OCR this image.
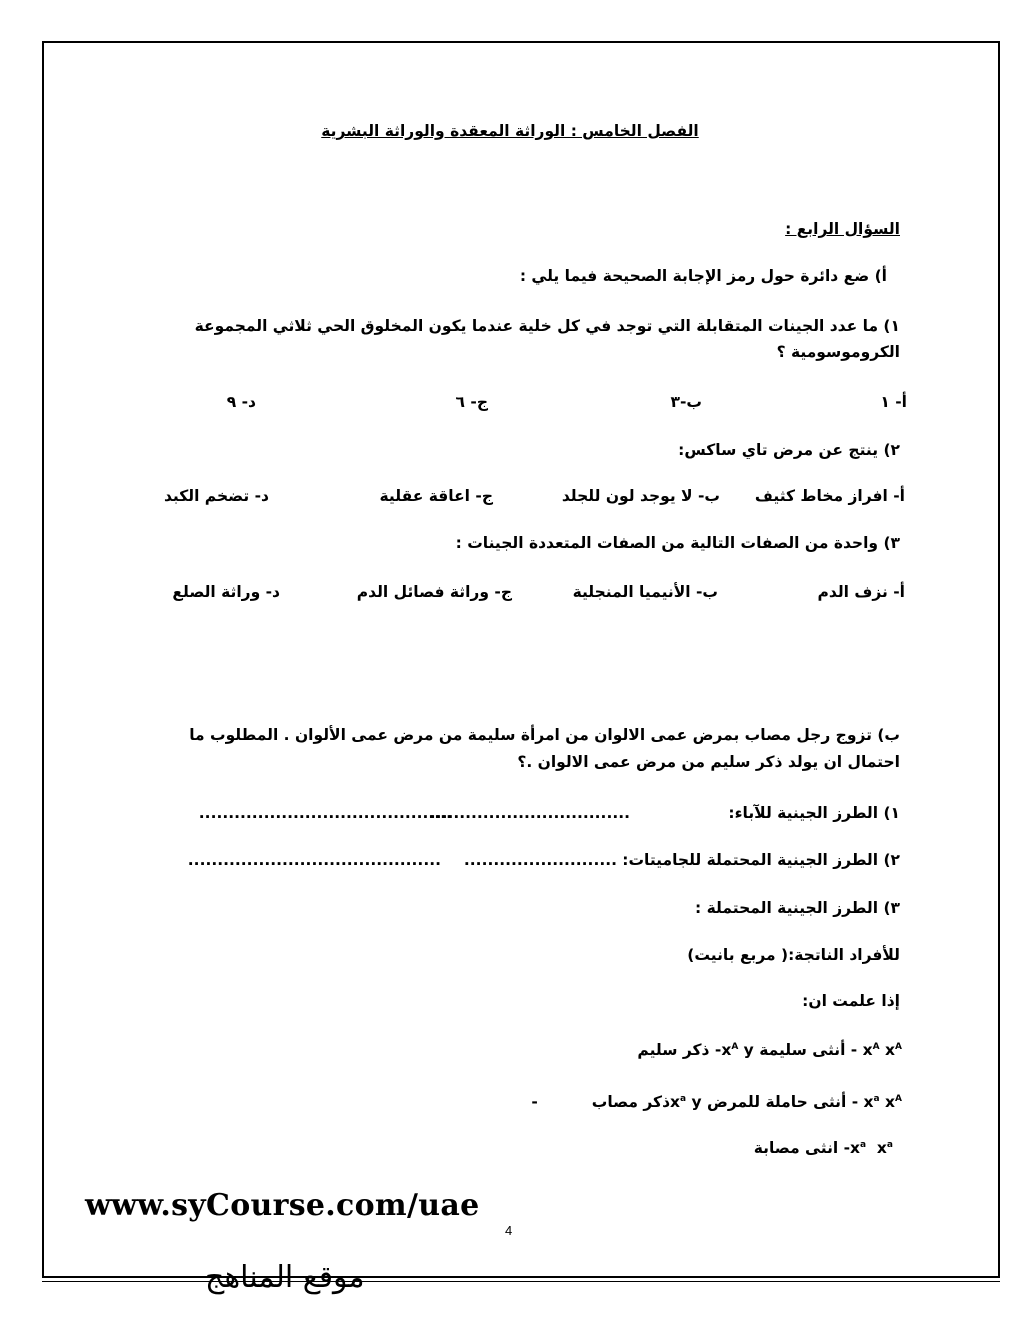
الفصل الخامس : الوراثة المعقدة والوراثة البشرية
السؤال الرابع :
أ) ضع دائرة حول رمز الإجابة الصحيحة فيما يلي :
١) ما عدد الجينات المتقابلة التي توجد في كل خلية عندما يكون المخلوق الحي ثلاثي المجموعة
الكروموسومية ؟
أ- ١
ب-٣
ج- ٦
د- ٩
٢) ينتج عن مرض تاي ساكس:
أ- افراز مخاط كثيف
ب- لا يوجد لون للجلد
ج- اعاقة عقلية
د- تضخم الكبد
٣) واحدة من الصفات التالية من الصفات المتعددة الجينات :
أ- نزف الدم
ب- الأنيميا المنجلية
ج- وراثة فصائل الدم
د- وراثة الصلع
ب) تزوج رجل مصاب بمرض عمى الالوان من امرأة سليمة من مرض عمى الألوان . المطلوب ما
احتمال ان يولد ذكر سليم من مرض عمى الالوان .؟
١) الطرز الجينية للآباء:
..................................
...........................................
٢) الطرز الجينية المحتملة للجاميتات:
..........................
...........................................
٣) الطرز الجينية المحتملة :
للأفراد الناتجة:( مربع بانيت)
إذا علمت ان:
$x^A$ $x^A$ - أنثى سليمة $x^A$ y- ذكر سليم
$x^a$ $x^A$ - أنثى حاملة للمرض $x^a$ yذكر مصاب          -
$x^a$  $x^a-$ انثى مصابة
www.syCourse.com/uae
4
موقع المناهج
